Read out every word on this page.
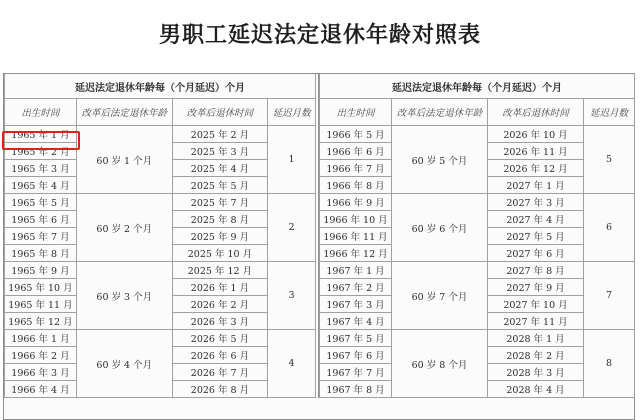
男职工延迟法定退休年龄对照表
延迟法定退休年龄每（个月延迟）个月			
出生时间	改革后法定退休年龄	改革后退休时间	延迟月数
1965 年 1 月	60 岁 1 个月	2025 年 2 月	1
1965 年 2 月		2025 年 3 月	
1965 年 3 月		2025 年 4 月	
1965 年 4 月		2025 年 5 月	
1965 年 5 月	60 岁 2 个月	2025 年 7 月	2
1965 年 6 月		2025 年 8 月	
1965 年 7 月		2025 年 9 月	
1965 年 8 月		2025 年 10 月	
1965 年 9 月	60 岁 3 个月	2025 年 12 月	3
1965 年 10 月		2026 年 1 月	
1965 年 11 月		2026 年 2 月	
1965 年 12 月		2026 年 3 月	
1966 年 1 月	60 岁 4 个月	2026 年 5 月	4
1966 年 2 月		2026 年 6 月	
1966 年 3 月		2026 年 7 月	
1966 年 4 月		2026 年 8 月	
延迟法定退休年龄每（个月延迟）个月			
出生时间	改革后法定退休年龄	改革后退休时间	延迟月数
1966 年 5 月	60 岁 5 个月	2026 年 10 月	5
1966 年 6 月		2026 年 11 月	
1966 年 7 月		2026 年 12 月	
1966 年 8 月		2027 年 1 月	
1966 年 9 月	60 岁 6 个月	2027 年 3 月	6
1966 年 10 月		2027 年 4 月	
1966 年 11 月		2027 年 5 月	
1966 年 12 月		2027 年 6 月	
1967 年 1 月	60 岁 7 个月	2027 年 8 月	7
1967 年 2 月		2027 年 9 月	
1967 年 3 月		2027 年 10 月	
1967 年 4 月		2027 年 11 月	
1967 年 5 月	60 岁 8 个月	2028 年 1 月	8
1967 年 6 月		2028 年 2 月	
1967 年 7 月		2028 年 3 月	
1967 年 8 月		2028 年 4 月	
